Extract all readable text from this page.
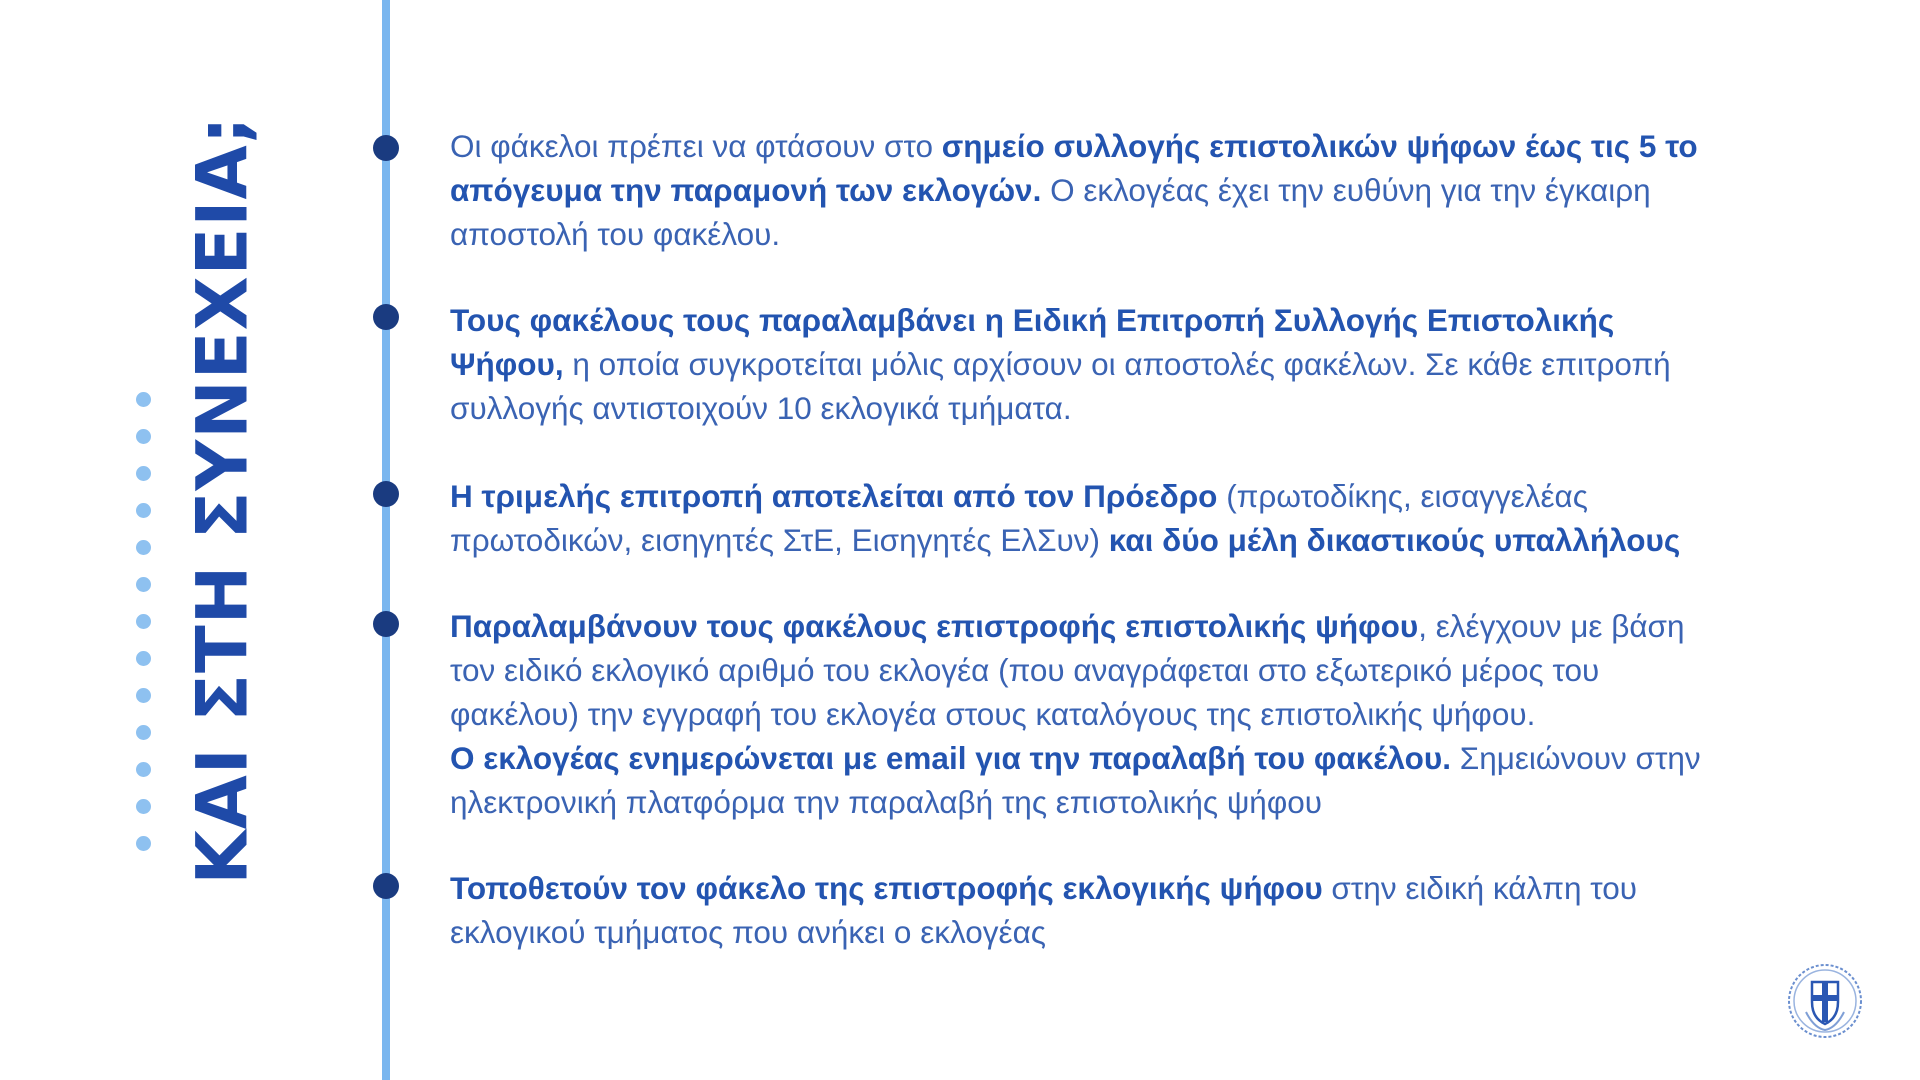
ΚΑΙ ΣΤΗ ΣΥΝΕΧΕΙΑ;	Οι φάκελοι πρέπει να φτάσουν στο σημείο συλλογής επιστολικών ψήφων έως τις 5 το
απόγευμα την παραμονή των εκλογών. Ο εκλογέας έχει την ευθύνη για την έγκαιρη
αποστολή του φακέλου.
Τους φακέλους τους παραλαμβάνει η Ειδική Επιτροπή Συλλογής Επιστολικής
Ψήφου, η οποία συγκροτείται μόλις αρχίσουν οι αποστολές φακέλων. Σε κάθε επιτροπή
συλλογής αντιστοιχούν 10 εκλογικά τμήματα.
Η τριμελής επιτροπή αποτελείται από τον Πρόεδρο (πρωτοδίκης, εισαγγελέας
πρωτοδικών, εισηγητές ΣτΕ, Εισηγητές ΕλΣυν) και δύο μέλη δικαστικούς υπαλλήλους
Παραλαμβάνουν τους φακέλους επιστροφής επιστολικής ψήφου, ελέγχουν με βάση
τον ειδικό εκλογικό αριθμό του εκλογέα (που αναγράφεται στο εξωτερικό μέρος του
φακέλου) την εγγραφή του εκλογέα στους καταλόγους της επιστολικής ψήφου.
Ο εκλογέας ενημερώνεται με email για την παραλαβή του φακέλου. Σημειώνουν στην
ηλεκτρονική πλατφόρμα την παραλαβή της επιστολικής ψήφου
Τοποθετούν τον φάκελο της επιστροφής εκλογικής ψήφου στην ειδική κάλπη του
εκλογικού τμήματος που ανήκει ο εκλογέας
